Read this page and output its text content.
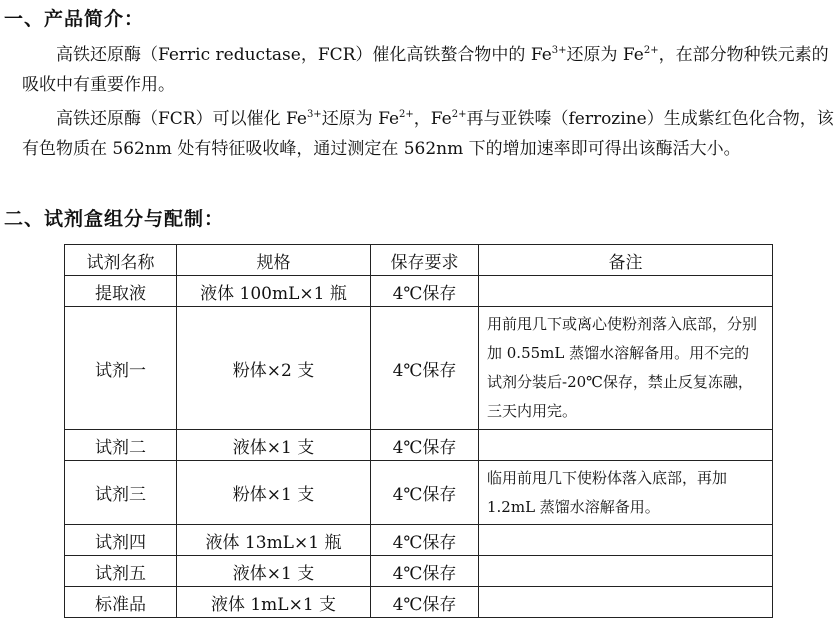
一、产品简介：

高铁还原酶（Ferric reductase，FCR）催化高铁螯合物中的 $Fe^{3+}$还原为 $Fe^{2+}$，在部分物种铁元素的吸收中有重要作用。

高铁还原酶（FCR）可以催化 $Fe^{3+}$还原为 $Fe^{2+}$，$Fe^{2+}$再与亚铁嗪（ferrozine）生成紫红色化合物，该有色物质在 562nm 处有特征吸收峰，通过测定在 562nm 下的增加速率即可得出该酶活大小。

二、试剂盒组分与配制：
试剂名称	规格	保存要求	备注
提取液	液体 100mL×1 瓶	4℃保存	
试剂一	粉体×2 支	4℃保存	用前甩几下或离心使粉剂落入底部，分别加 0.55mL 蒸馏水溶解备用。用不完的试剂分装后-20℃保存，禁止反复冻融，三天内用完。
试剂二	液体×1 支	4℃保存	
试剂三	粉体×1 支	4℃保存	临用前甩几下使粉体落入底部，再加 1.2mL 蒸馏水溶解备用。
试剂四	液体 13mL×1 瓶	4℃保存	
试剂五	液体×1 支	4℃保存	
标准品	液体 1mL×1 支	4℃保存	
